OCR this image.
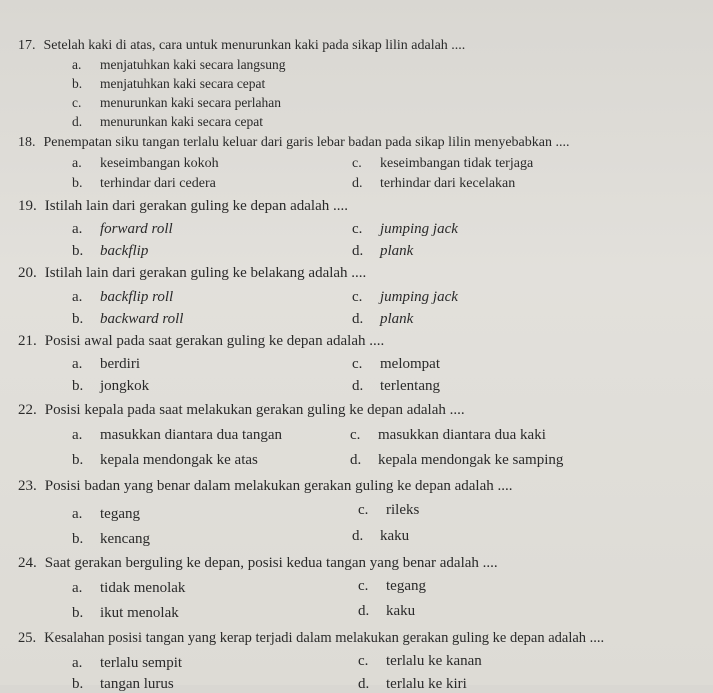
17. Setelah kaki di atas, cara untuk menurunkan kaki pada sikap lilin adalah ....
a. menjatuhkan kaki secara langsung
b. menjatuhkan kaki secara cepat
c. menurunkan kaki secara perlahan
d. menurunkan kaki secara cepat
18. Penempatan siku tangan terlalu keluar dari garis lebar badan pada sikap lilin menyebabkan ....
a. keseimbangan kokoh	c. keseimbangan tidak terjaga
b. terhindar dari cedera	d. terhindar dari kecelakan
19. Istilah lain dari gerakan guling ke depan adalah ....
a. forward roll	c. jumping jack
b. backflip	d. plank
20. Istilah lain dari gerakan guling ke belakang adalah ....
a. backflip roll	c. jumping jack
b. backward roll	d. plank
21. Posisi awal pada saat gerakan guling ke depan adalah ....
a. berdiri	c. melompat
b. jongkok	d. terlentang
22. Posisi kepala pada saat melakukan gerakan guling ke depan adalah ....
a. masukkan diantara dua tangan	c. masukkan diantara dua kaki
b. kepala mendongak ke atas	d. kepala mendongak ke samping
23. Posisi badan yang benar dalam melakukan gerakan guling ke depan adalah ....
a. tegang	c. rileks
b. kencang	d. kaku
24. Saat gerakan berguling ke depan, posisi kedua tangan yang benar adalah ....
a. tidak menolak	c. tegang
b. ikut menolak	d. kaku
25. Kesalahan posisi tangan yang kerap terjadi dalam melakukan gerakan guling ke depan adalah ....
a. terlalu sempit	c. terlalu ke kanan
b. tangan lurus	d. terlalu ke kiri
